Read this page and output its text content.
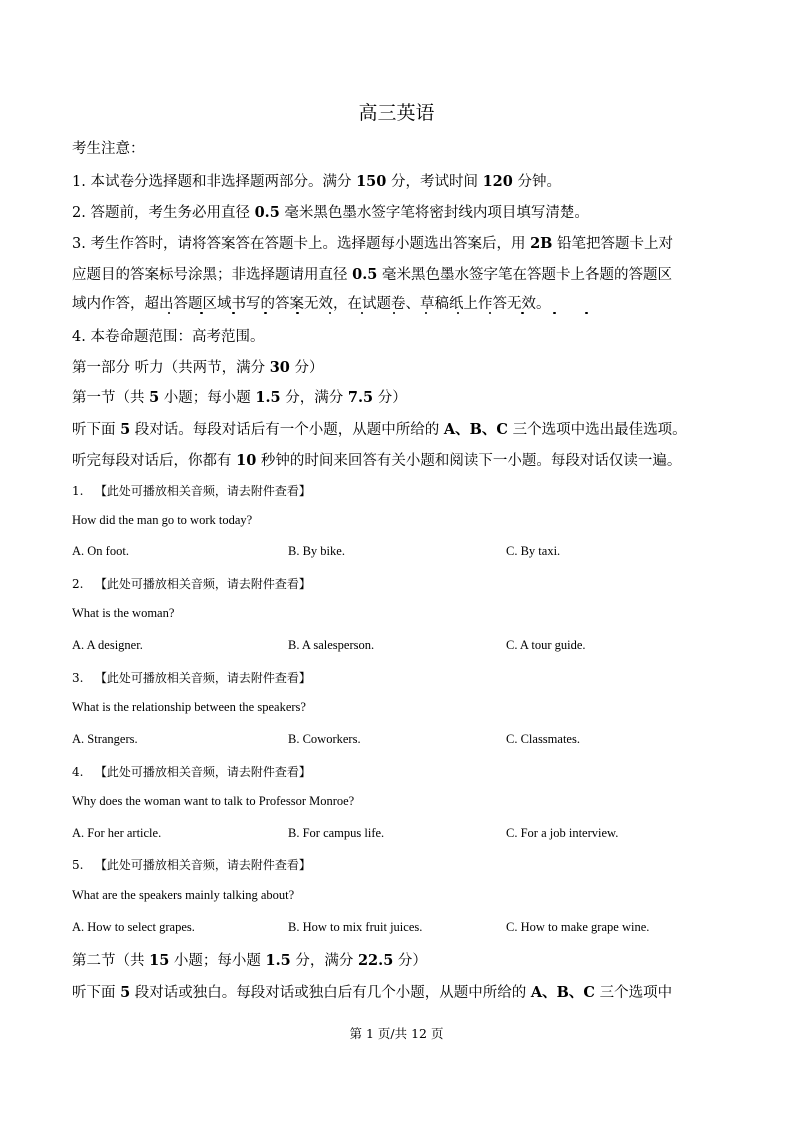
高三英语
考生注意：
1. 本试卷分选择题和非选择题两部分。满分 150 分，考试时间 120 分钟。
2. 答题前，考生务必用直径 0.5 毫米黑色墨水签字笔将密封线内项目填写清楚。
3. 考生作答时，请将答案答在答题卡上。选择题每小题选出答案后，用 2B 铅笔把答题卡上对
应题目的答案标号涂黑；非选择题请用直径 0.5 毫米黑色墨水签字笔在答题卡上各题的答题区
域内作答，超出答题区域书写的答案无效，在试题卷、草稿纸上作答无效。
4. 本卷命题范围：高考范围。
第一部分 听力（共两节，满分 30 分）
第一节（共 5 小题；每小题 1.5 分，满分 7.5 分）
听下面 5 段对话。每段对话后有一个小题，从题中所给的 A、B、C 三个选项中选出最佳选项。
听完每段对话后，你都有 10 秒钟的时间来回答有关小题和阅读下一小题。每段对话仅读一遍。
1. 【此处可播放相关音频，请去附件查看】
How did the man go to work today?
A. On foot.	B. By bike.	C. By taxi.
2. 【此处可播放相关音频，请去附件查看】
What is the woman?
A. A designer.	B. A salesperson.	C. A tour guide.
3. 【此处可播放相关音频，请去附件查看】
What is the relationship between the speakers?
A. Strangers.	B. Coworkers.	C. Classmates.
4. 【此处可播放相关音频，请去附件查看】
Why does the woman want to talk to Professor Monroe?
A. For her article.	B. For campus life.	C. For a job interview.
5. 【此处可播放相关音频，请去附件查看】
What are the speakers mainly talking about?
A. How to select grapes.	B. How to mix fruit juices.	C. How to make grape wine.
第二节（共 15 小题；每小题 1.5 分，满分 22.5 分）
听下面 5 段对话或独白。每段对话或独白后有几个小题，从题中所给的 A、B、C 三个选项中
第 1 页/共 12 页
